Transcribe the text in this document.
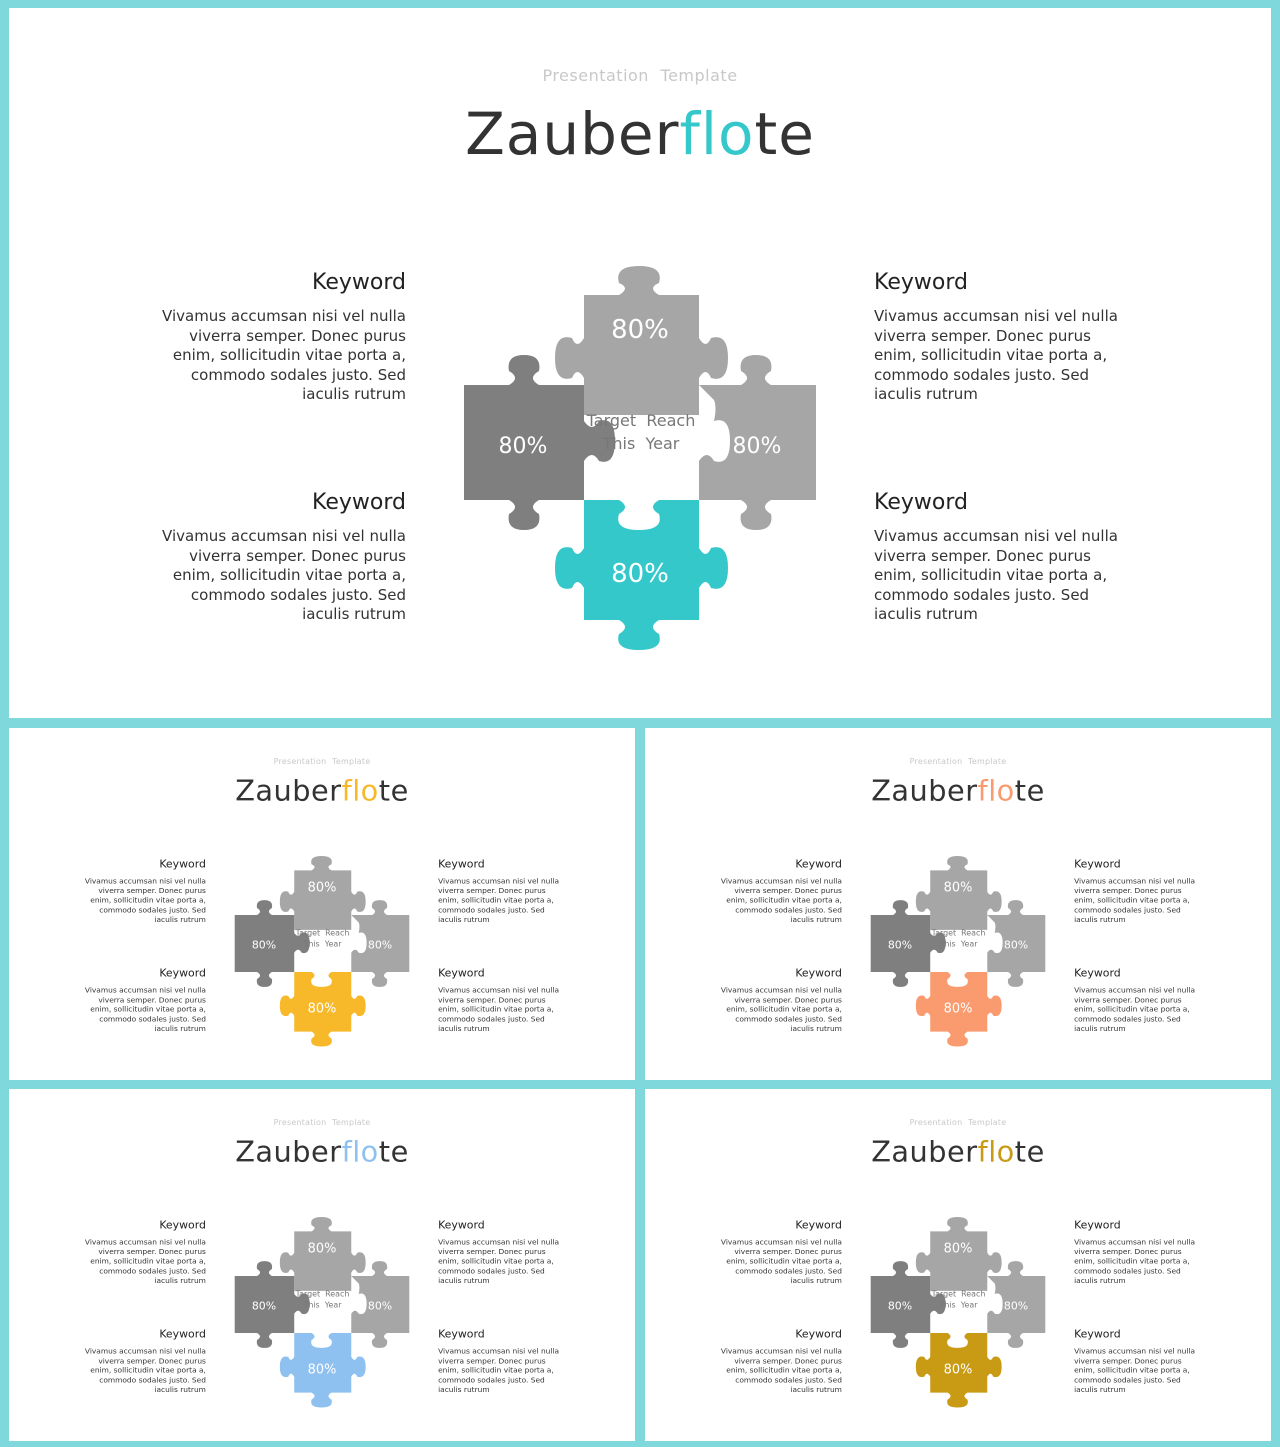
Presentation Template
Zauberflote
Keyword
Vivamus accumsan nisi vel nulla viverra semper. Donec purus enim, sollicitudin vitae porta a, commodo sodales justo. Sed iaculis rutrum
Keyword
Vivamus accumsan nisi vel nulla viverra semper. Donec purus enim, sollicitudin vitae porta a, commodo sodales justo. Sed iaculis rutrum
Keyword
Vivamus accumsan nisi vel nulla viverra semper. Donec purus enim, sollicitudin vitae porta a, commodo sodales justo. Sed iaculis rutrum
Keyword
Vivamus accumsan nisi vel nulla viverra semper. Donec purus enim, sollicitudin vitae porta a, commodo sodales justo. Sed iaculis rutrum
80%
80%	80%
80%
Target  Reach
This  Year
Presentation Template
Zauberflote
Keyword
Vivamus accumsan nisi vel nulla viverra semper. Donec purus enim, sollicitudin vitae porta a, commodo sodales justo. Sed iaculis rutrum
Keyword
Vivamus accumsan nisi vel nulla viverra semper. Donec purus enim, sollicitudin vitae porta a, commodo sodales justo. Sed iaculis rutrum
Keyword
Vivamus accumsan nisi vel nulla viverra semper. Donec purus enim, sollicitudin vitae porta a, commodo sodales justo. Sed iaculis rutrum
Keyword
Vivamus accumsan nisi vel nulla viverra semper. Donec purus enim, sollicitudin vitae porta a, commodo sodales justo. Sed iaculis rutrum
80%
80%	80%
80%
Target  Reach
This  Year
Presentation Template
Zauberflote
Keyword
Vivamus accumsan nisi vel nulla viverra semper. Donec purus enim, sollicitudin vitae porta a, commodo sodales justo. Sed iaculis rutrum
Keyword
Vivamus accumsan nisi vel nulla viverra semper. Donec purus enim, sollicitudin vitae porta a, commodo sodales justo. Sed iaculis rutrum
Keyword
Vivamus accumsan nisi vel nulla viverra semper. Donec purus enim, sollicitudin vitae porta a, commodo sodales justo. Sed iaculis rutrum
Keyword
Vivamus accumsan nisi vel nulla viverra semper. Donec purus enim, sollicitudin vitae porta a, commodo sodales justo. Sed iaculis rutrum
80%
80%	80%
80%
Target  Reach
This  Year
Presentation Template
Zauberflote
Keyword
Vivamus accumsan nisi vel nulla viverra semper. Donec purus enim, sollicitudin vitae porta a, commodo sodales justo. Sed iaculis rutrum
Keyword
Vivamus accumsan nisi vel nulla viverra semper. Donec purus enim, sollicitudin vitae porta a, commodo sodales justo. Sed iaculis rutrum
Keyword
Vivamus accumsan nisi vel nulla viverra semper. Donec purus enim, sollicitudin vitae porta a, commodo sodales justo. Sed iaculis rutrum
Keyword
Vivamus accumsan nisi vel nulla viverra semper. Donec purus enim, sollicitudin vitae porta a, commodo sodales justo. Sed iaculis rutrum
80%
80%	80%
80%
Target  Reach
This  Year
Presentation Template
Zauberflote
Keyword
Vivamus accumsan nisi vel nulla viverra semper. Donec purus enim, sollicitudin vitae porta a, commodo sodales justo. Sed iaculis rutrum
Keyword
Vivamus accumsan nisi vel nulla viverra semper. Donec purus enim, sollicitudin vitae porta a, commodo sodales justo. Sed iaculis rutrum
Keyword
Vivamus accumsan nisi vel nulla viverra semper. Donec purus enim, sollicitudin vitae porta a, commodo sodales justo. Sed iaculis rutrum
Keyword
Vivamus accumsan nisi vel nulla viverra semper. Donec purus enim, sollicitudin vitae porta a, commodo sodales justo. Sed iaculis rutrum
80%
80%	80%
80%
Target  Reach
This  Year
